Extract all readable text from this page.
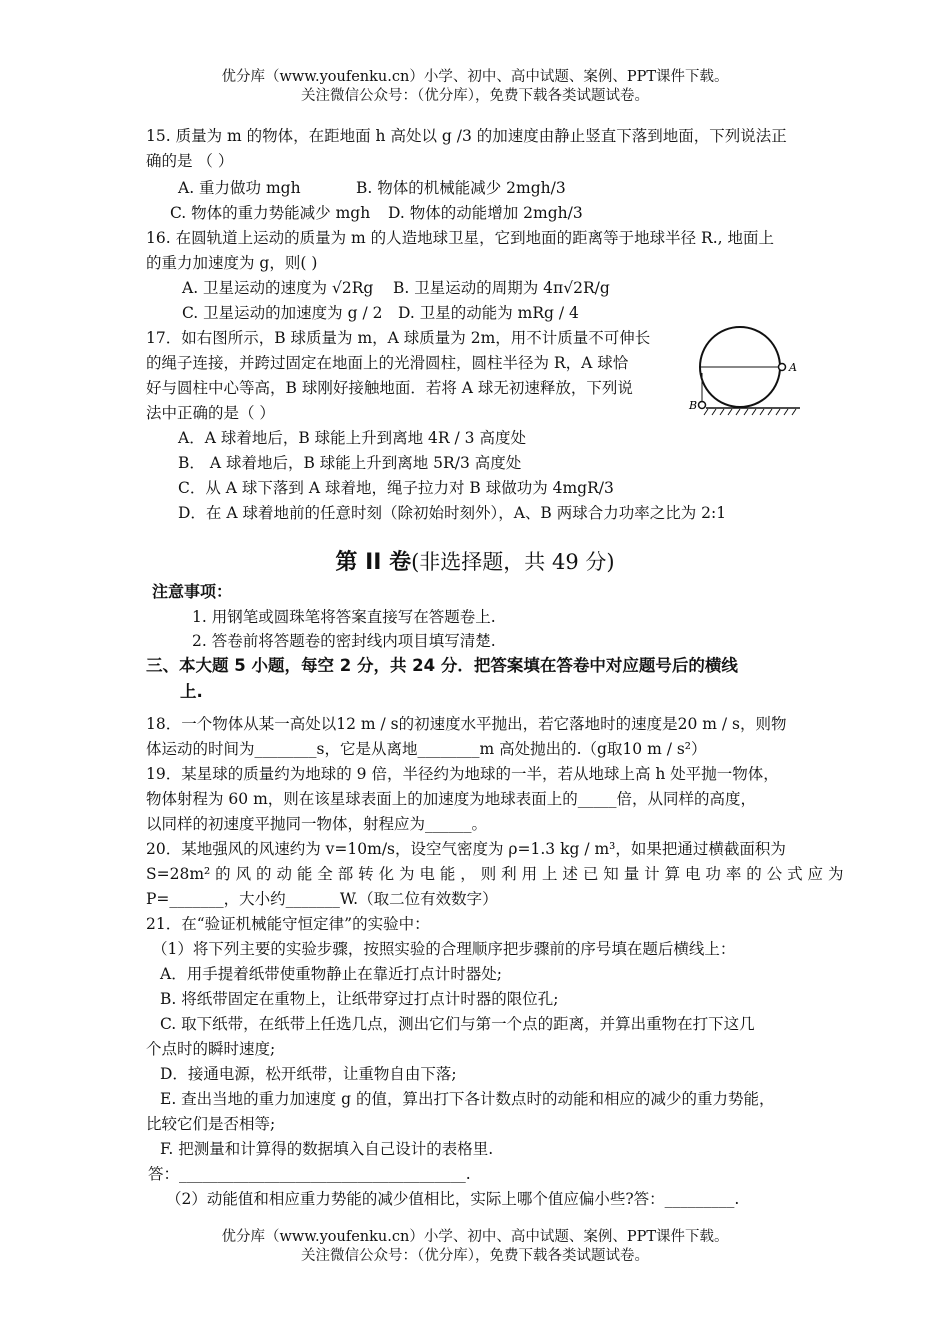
优分库（www.youfenku.cn）小学、初中、高中试题、案例、PPT课件下载。
关注微信公众号：（优分库），免费下载各类试题试卷。
15. 质量为 m 的物体，在距地面 h 高处以 g /3 的加速度由静止竖直下落到地面，下列说法正
确的是 （ ）
A. 重力做功 mgh	B. 物体的机械能减少 2mgh/3
C. 物体的重力势能减少 mgh D. 物体的动能增加 2mgh/3
16. 在圆轨道上运动的质量为 m 的人造地球卫星，它到地面的距离等于地球半径 R., 地面上
的重力加速度为 g，则( )
A. 卫星运动的速度为 √2Rg B. 卫星运动的周期为 4π√2R/g
C. 卫星运动的加速度为 g / 2 D. 卫星的动能为 mRg / 4
17．如右图所示，B 球质量为 m，A 球质量为 2m，用不计质量不可伸长
的绳子连接，并跨过固定在地面上的光滑圆柱，圆柱半径为 R，A 球恰
好与圆柱中心等高，B 球刚好接触地面．若将 A 球无初速释放，下列说
法中正确的是（ ）
A．A 球着地后，B 球能上升到离地 4R / 3 高度处
B． A 球着地后，B 球能上升到离地 5R/3 高度处
C．从 A 球下落到 A 球着地，绳子拉力对 B 球做功为 4mgR/3
D．在 A 球着地前的任意时刻（除初始时刻外），A、B 两球合力功率之比为 2:1
A
B
第 II 卷(非选择题，共 49 分)
注意事项：
1. 用钢笔或圆珠笔将答案直接写在答题卷上.
2. 答卷前将答题卷的密封线内项目填写清楚.
三、本大题 5 小题，每空 2 分，共 24 分．把答案填在答卷中对应题号后的横线
上.
18．一个物体从某一高处以12 m / s的初速度水平抛出，若它落地时的速度是20 m / s，则物
体运动的时间为________s，它是从离地________m 高处抛出的.（g取10 m / s²）
19．某星球的质量约为地球的 9 倍，半径约为地球的一半，若从地球上高 h 处平抛一物体，
物体射程为 60 m，则在该星球表面上的加速度为地球表面上的_____倍，从同样的高度，
以同样的初速度平抛同一物体，射程应为______。
20．某地强风的风速约为 v=10m/s，设空气密度为 ρ=1.3 kg / m³，如果把通过横截面积为
S=28m² 的 风 的 动 能 全 部 转 化 为 电 能 ， 则 利 用 上 述 已 知 量 计 算 电 功 率 的 公 式 应 为
P=_______，大小约_______W.（取二位有效数字）
21．在“验证机械能守恒定律”的实验中：
（1）将下列主要的实验步骤，按照实验的合理顺序把步骤前的序号填在题后横线上：
A．用手提着纸带使重物静止在靠近打点计时器处;
B. 将纸带固定在重物上，让纸带穿过打点计时器的限位孔;
C. 取下纸带，在纸带上任选几点，测出它们与第一个点的距离，并算出重物在打下这几
个点时的瞬时速度;
D．接通电源，松开纸带，让重物自由下落;
E. 查出当地的重力加速度 g 的值，算出打下各计数点时的动能和相应的减少的重力势能，
比较它们是否相等;
F. 把测量和计算得的数据填入自己设计的表格里.
答：_____________________________________.
（2）动能值和相应重力势能的减少值相比，实际上哪个值应偏小些?答：_________.
优分库（www.youfenku.cn）小学、初中、高中试题、案例、PPT课件下载。
关注微信公众号：（优分库），免费下载各类试题试卷。
